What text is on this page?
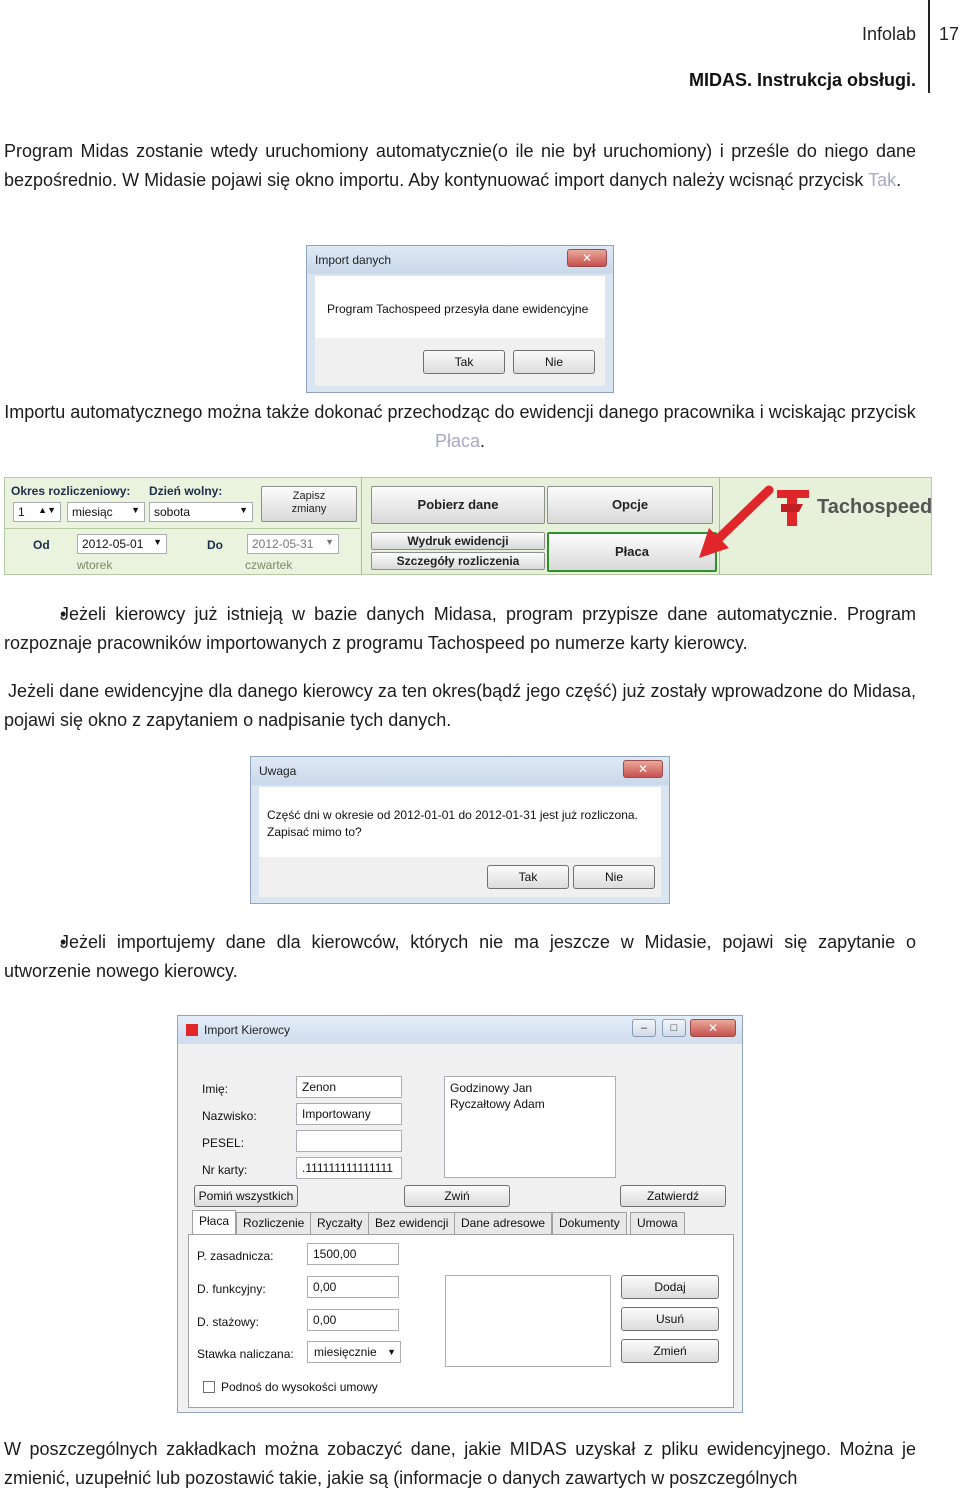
Infolab
MIDAS. Instrukcja obsługi.
17
Program Midas zostanie wtedy uruchomiony automatycznie(o ile nie był uruchomiony) i prześle do niego dane bezpośrednio. W Midasie pojawi się okno importu. Aby kontynuować import danych należy wcisnąć przycisk Tak.
Import danych	✕
Program Tachospeed przesyła dane ewidencyjne
Tak	Nie
Importu automatycznego można także dokonać przechodząc do ewidencji danego pracownika i wciskając przycisk Płaca.
Okres rozliczeniowy:
1 ▲▼	miesiąc ▼
Dzień wolny:
sobota	▼
Zapisz zmiany
Od	2012-05-01 ▼
wtorek
Do	2012-05-31 ▼
czwartek
Pobierz dane	Opcje
Wydruk ewidencji
Szczegóły rozliczenia
Płaca
Tachospeed
• Jeżeli kierowcy już istnieją w bazie danych Midasa, program przypisze dane automatycznie. Program rozpoznaje pracowników importowanych z programu Tachospeed po numerze karty kierowcy.
Jeżeli dane ewidencyjne dla danego kierowcy za ten okres(bądź jego część) już zostały wprowadzone do Midasa, pojawi się okno z zapytaniem o nadpisanie tych danych.
Uwaga	✕
Część dni w okresie od 2012-01-01 do 2012-01-31 jest już rozliczona. Zapisać mimo to?
Tak	Nie
• Jeżeli importujemy dane dla kierowców, których nie ma jeszcze w Midasie, pojawi się zapytanie o utworzenie nowego kierowcy.
Import Kierowcy	–	□	✕
Imię:	Zenon
Nazwisko:	Importowany
PESEL:
Nr karty:	.111111111111111
Godzinowy Jan
Ryczałtowy Adam
Pomiń wszystkich	Zwiń	Zatwierdź
Płaca	Rozliczenie	Ryczałty	Bez ewidencji	Dane adresowe	Dokumenty	Umowa
P. zasadnicza:	1500,00
D. funkcyjny:	0,00
D. stażowy:	0,00
Stawka naliczana:	miesięcznie ▼
Dodaj
Usuń
Zmień
Podnoś do wysokości umowy
W poszczególnych zakładkach można zobaczyć dane, jakie MIDAS uzyskał z pliku ewidencyjnego. Można je zmienić, uzupełnić lub pozostawić takie, jakie są (informacje o danych zawartych w poszczególnych
